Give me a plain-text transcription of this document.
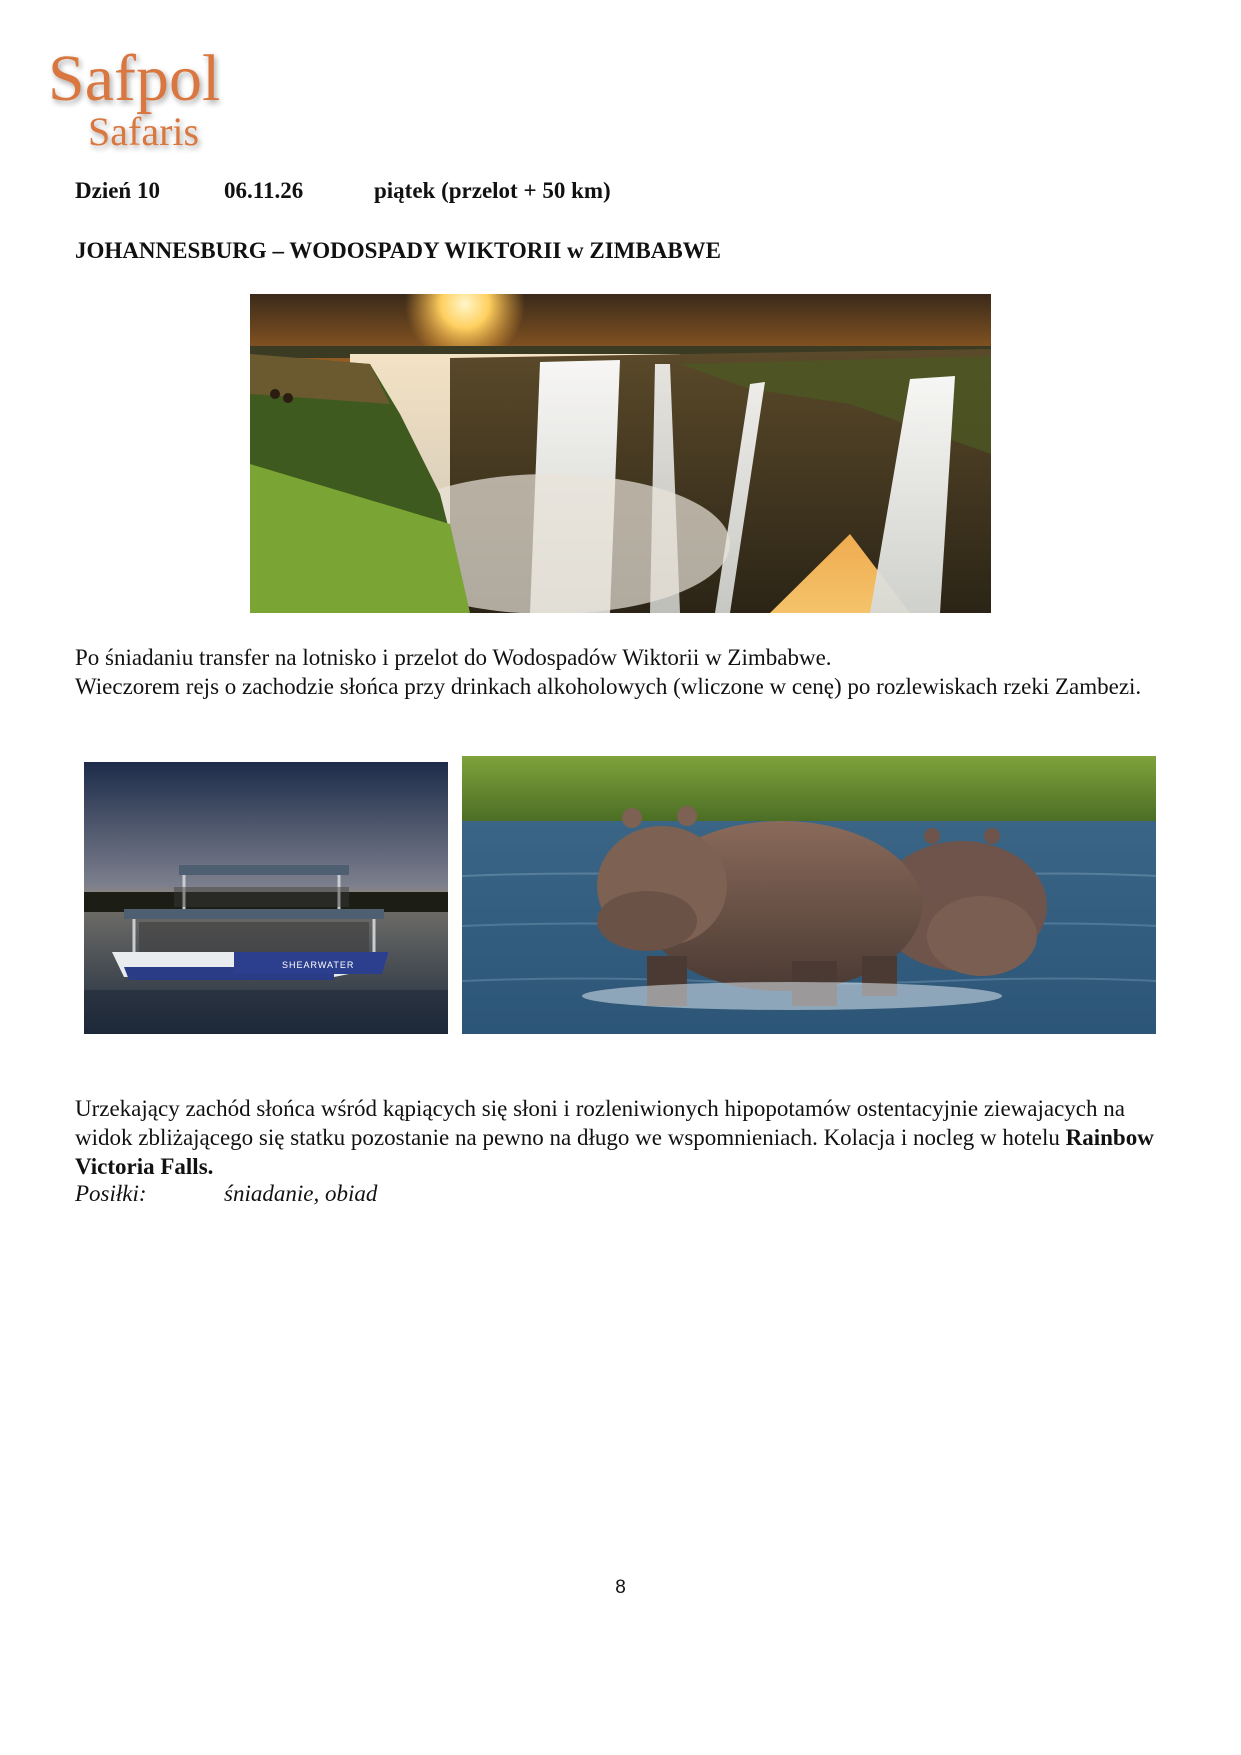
Safpol
Safaris
Dzień 10	06.11.26	piątek (przelot + 50 km)
JOHANNESBURG – WODOSPADY WIKTORII w ZIMBABWE
Po śniadaniu transfer na lotnisko i przelot do Wodospadów Wiktorii w Zimbabwe.
Wieczorem rejs o zachodzie słońca przy drinkach alkoholowych (wliczone w cenę) po rozlewiskach rzeki Zambezi.
SHEARWATER
Urzekający zachód słońca wśród kąpiących się słoni i rozleniwionych hipopotamów ostentacyjnie ziewajacych na widok zbliżającego się statku pozostanie na pewno na długo we wspomnieniach. Kolacja i nocleg w hotelu Rainbow Victoria Falls.
Posiłki:	śniadanie, obiad
8
